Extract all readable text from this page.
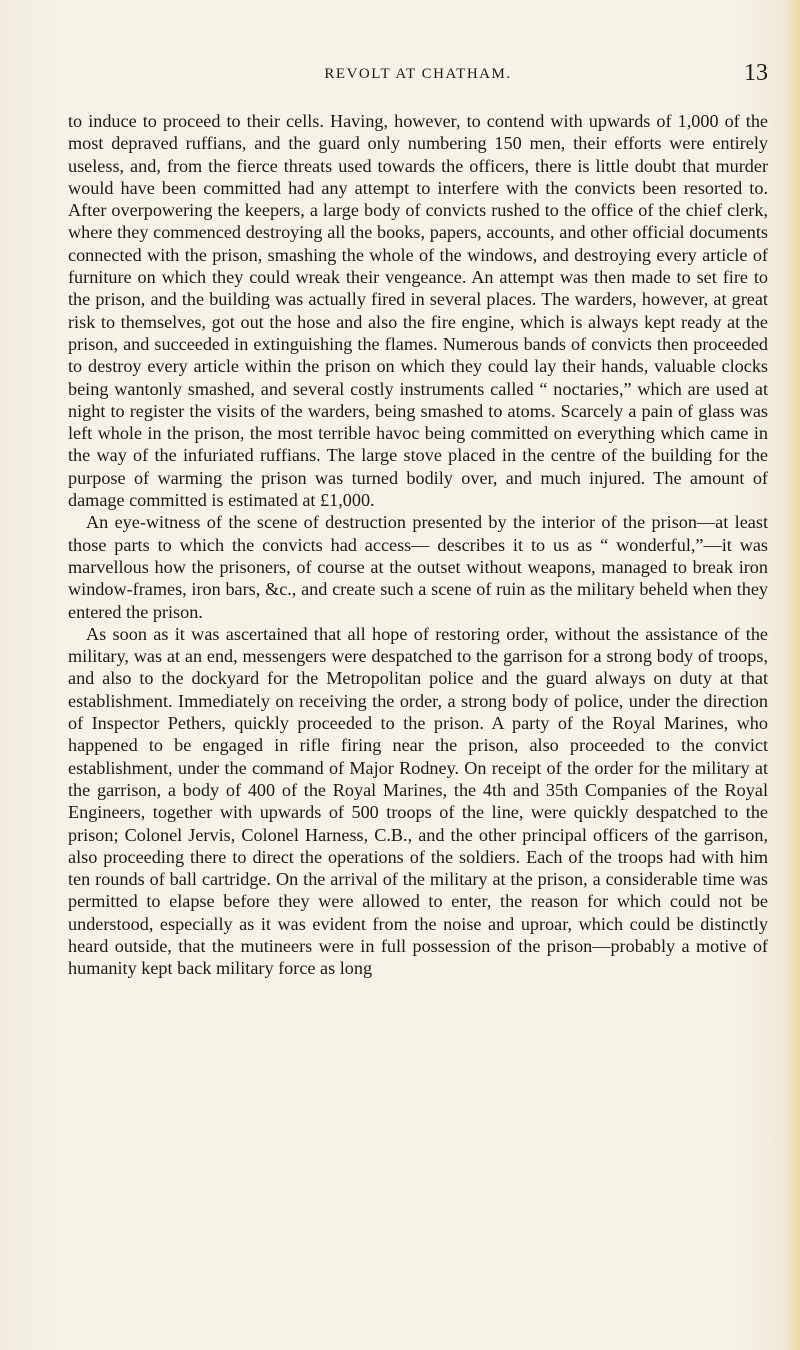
REVOLT AT CHATHAM.	13

to induce to proceed to their cells. Having, however, to contend with upwards of 1,000 of the most depraved ruffians, and the guard only numbering 150 men, their efforts were entirely useless, and, from the fierce threats used towards the officers, there is little doubt that murder would have been committed had any attempt to interfere with the convicts been resorted to. After overpowering the keepers, a large body of convicts rushed to the office of the chief clerk, where they commenced destroying all the books, papers, accounts, and other official documents connected with the prison, smashing the whole of the windows, and destroying every article of furniture on which they could wreak their vengeance. An attempt was then made to set fire to the prison, and the building was actually fired in several places. The warders, however, at great risk to themselves, got out the hose and also the fire engine, which is always kept ready at the prison, and succeeded in extinguishing the flames. Numerous bands of convicts then proceeded to destroy every article within the prison on which they could lay their hands, valuable clocks being wantonly smashed, and several costly instruments called “ noctaries,” which are used at night to register the visits of the warders, being smashed to atoms. Scarcely a pain of glass was left whole in the prison, the most terrible havoc being committed on everything which came in the way of the infuriated ruffians. The large stove placed in the centre of the building for the purpose of warming the prison was turned bodily over, and much injured. The amount of damage committed is estimated at £1,000.

An eye-witness of the scene of destruction presented by the interior of the prison—at least those parts to which the convicts had access— describes it to us as “ wonderful,”—it was marvellous how the prisoners, of course at the outset without weapons, managed to break iron window-frames, iron bars, &c., and create such a scene of ruin as the military beheld when they entered the prison.

As soon as it was ascertained that all hope of restoring order, without the assistance of the military, was at an end, messengers were despatched to the garrison for a strong body of troops, and also to the dockyard for the Metropolitan police and the guard always on duty at that establishment. Immediately on receiving the order, a strong body of police, under the direction of Inspector Pethers, quickly proceeded to the prison. A party of the Royal Marines, who happened to be engaged in rifle firing near the prison, also proceeded to the convict establishment, under the command of Major Rodney. On receipt of the order for the military at the garrison, a body of 400 of the Royal Marines, the 4th and 35th Companies of the Royal Engineers, together with upwards of 500 troops of the line, were quickly despatched to the prison; Colonel Jervis, Colonel Harness, C.B., and the other principal officers of the garrison, also proceeding there to direct the operations of the soldiers. Each of the troops had with him ten rounds of ball cartridge. On the arrival of the military at the prison, a considerable time was permitted to elapse before they were allowed to enter, the reason for which could not be understood, especially as it was evident from the noise and uproar, which could be distinctly heard outside, that the mutineers were in full possession of the prison—probably a motive of humanity kept back military force as long
